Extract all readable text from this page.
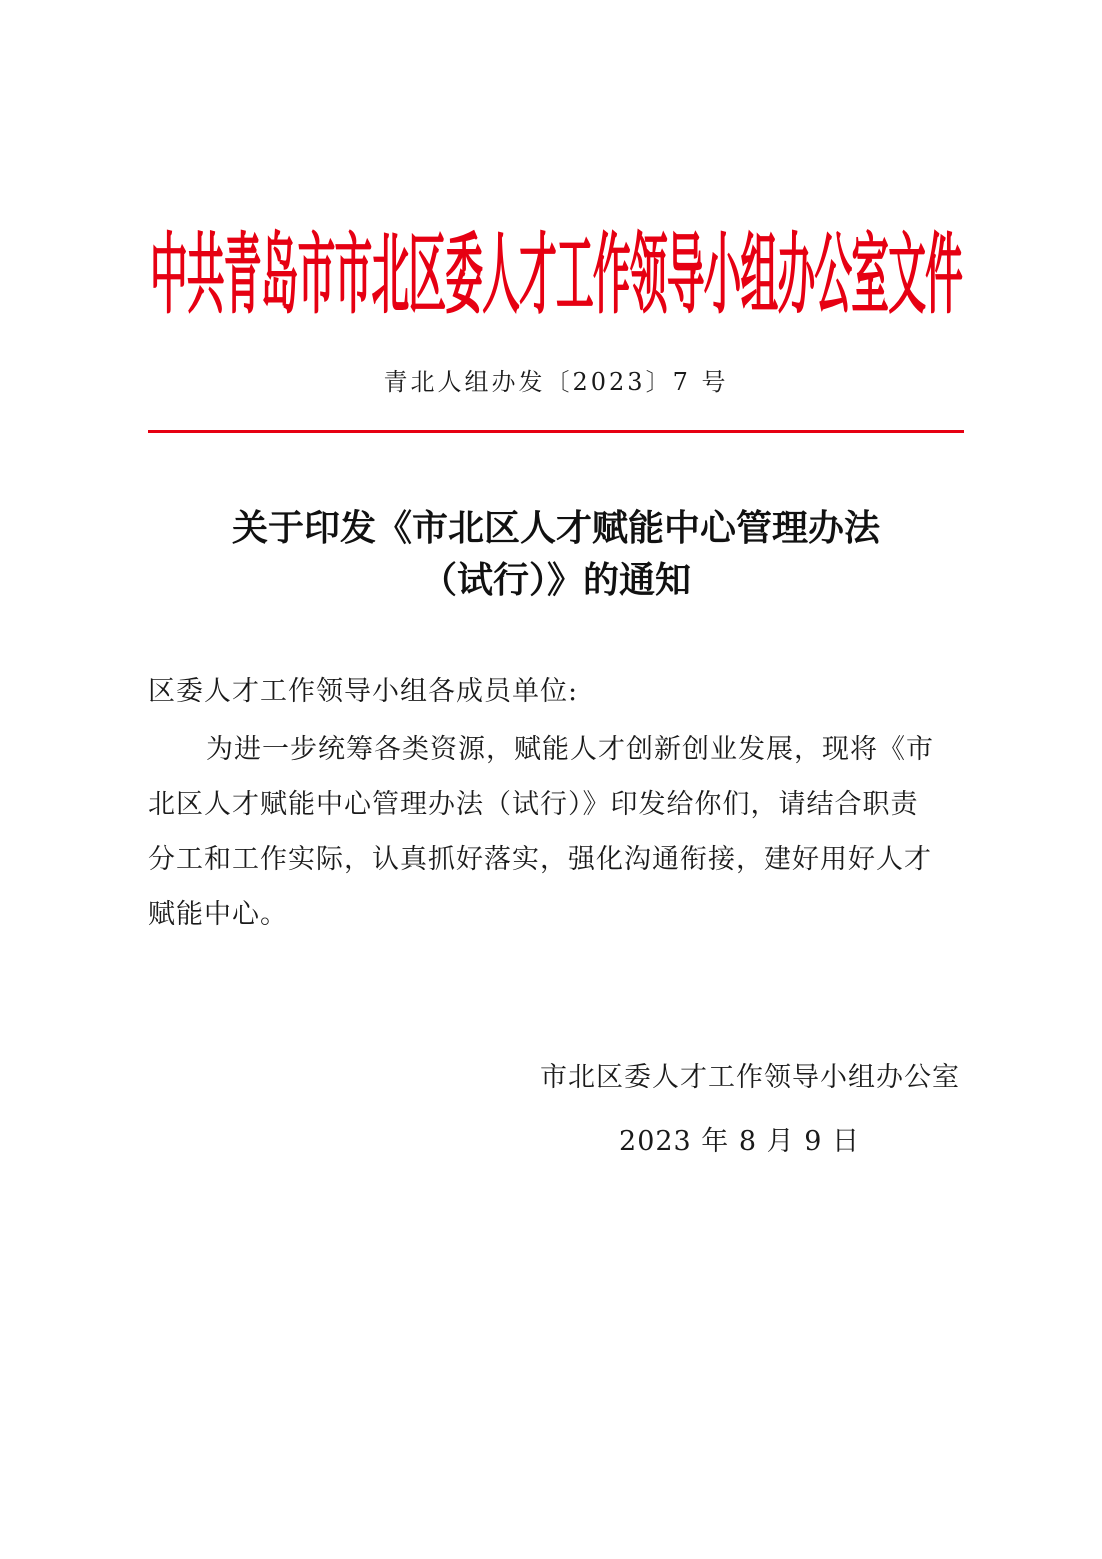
中共青岛市市北区委人才工作领导小组办公室文件
青北人组办发〔2023〕7 号
关于印发《市北区人才赋能中心管理办法
（试行）》的通知
区委人才工作领导小组各成员单位:
为进一步统筹各类资源，赋能人才创新创业发展，现将《市
北区人才赋能中心管理办法（试行）》印发给你们，请结合职责
分工和工作实际，认真抓好落实，强化沟通衔接，建好用好人才
赋能中心。
市北区委人才工作领导小组办公室
2023 年 8 月 9 日
